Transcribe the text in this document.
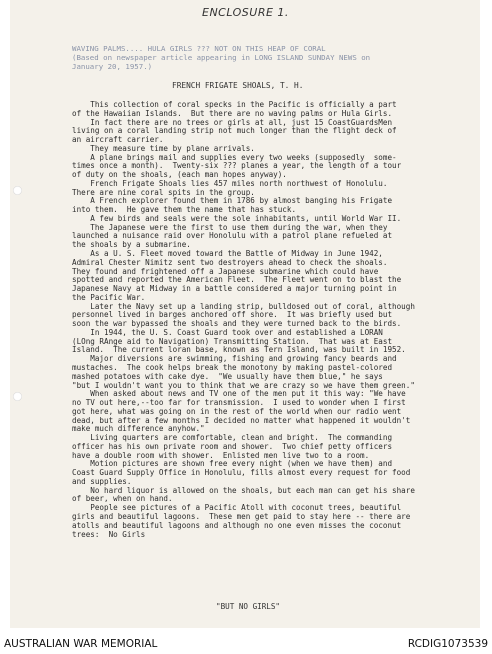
ENCLOSURE 1.
WAVING PALMS.... HULA GIRLS ??? NOT ON THIS HEAP OF CORAL
(Based on newspaper article appearing in LONG ISLAND SUNDAY NEWS on
January 20, 1957.)
FRENCH FRIGATE SHOALS, T. H.
This collection of coral specks in the Pacific is officially a part
of the Hawaiian Islands.  But there are no waving palms or Hula Girls.
In fact there are no trees or girls at all, just 15 CoastGuardsMen
living on a coral landing strip not much longer than the flight deck of
an aircraft carrier.
They measure time by plane arrivals.
A plane brings mail and supplies every two weeks (supposedly  some-
times once a month).  Twenty-six ??? planes a year, the length of a tour
of duty on the shoals, (each man hopes anyway).
French Frigate Shoals lies 457 miles north northwest of Honolulu.
There are nine coral spits in the group.
A French explorer found them in 1786 by almost banging his Frigate
into them.  He gave them the name that has stuck.
A few birds and seals were the sole inhabitants, until World War II.
The Japanese were the first to use them during the war, when they
launched a nuisance raid over Honolulu with a patrol plane refueled at
the shoals by a submarine.
As a U. S. Fleet moved toward the Battle of Midway in June 1942,
Admiral Chester Nimitz sent two destroyers ahead to check the shoals.
They found and frightened off a Japanese submarine which could have
spotted and reported the American Fleet.  The Fleet went on to blast the
Japanese Navy at Midway in a battle considered a major turning point in
the Pacific War.
Later the Navy set up a landing strip, bulldosed out of coral, although
personnel lived in barges anchored off shore.  It was briefly used but
soon the war bypassed the shoals and they were turned back to the birds.
In 1944, the U. S. Coast Guard took over and established a LORAN
(LOng RAnge aid to Navigation) Transmitting Station.  That was at East
Island.  The current loran base, known as Tern Island, was built in 1952.
Major diversions are swimming, fishing and growing fancy beards and
mustaches.  The cook helps break the monotony by making pastel-colored
mashed potatoes with cake dye.  "We usually have them blue," he says
"but I wouldn't want you to think that we are crazy so we have them green."
When asked about news and TV one of the men put it this way: "We have
no TV out here,--too far for transmission.  I used to wonder when I first
got here, what was going on in the rest of the world when our radio went
dead, but after a few months I decided no matter what happened it wouldn't
make much difference anyhow."
Living quarters are comfortable, clean and bright.  The commanding
officer has his own private room and shower.  Two chief petty officers
have a double room with shower.  Enlisted men live two to a room.
Motion pictures are shown free every night (when we have them) and
Coast Guard Supply Office in Honolulu, fills almost every request for food
and supplies.
No hard liquor is allowed on the shoals, but each man can get his share
of beer, when on hand.
People see pictures of a Pacific Atoll with coconut trees, beautiful
girls and beautiful lagoons.  These men get paid to stay here -- there are
atolls and beautiful lagoons and although no one even misses the coconut
trees:  No Girls
"BUT NO GIRLS"
AUSTRALIAN WAR MEMORIAL	RCDIG1073539
